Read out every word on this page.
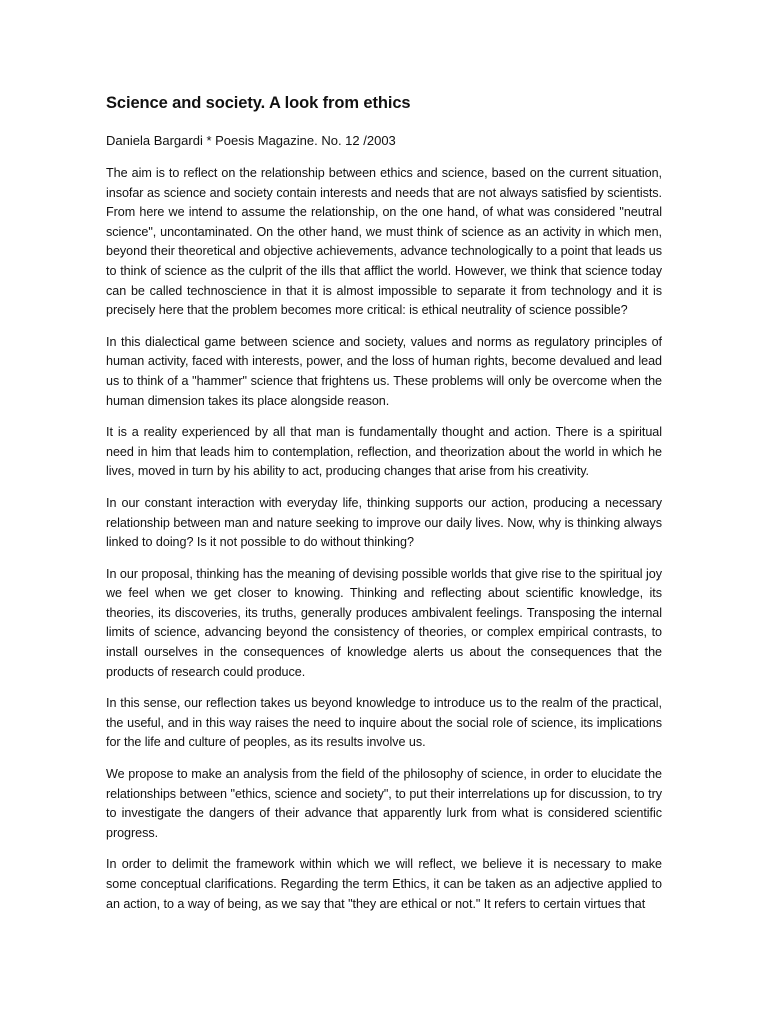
Science and society. A look from ethics
Daniela Bargardi * Poesis Magazine. No. 12 /2003

The aim is to reflect on the relationship between ethics and science, based on the current situation, insofar as science and society contain interests and needs that are not always satisfied by scientists. From here we intend to assume the relationship, on the one hand, of what was considered "neutral science", uncontaminated. On the other hand, we must think of science as an activity in which men, beyond their theoretical and objective achievements, advance technologically to a point that leads us to think of science as the culprit of the ills that afflict the world. However, we think that science today can be called technoscience in that it is almost impossible to separate it from technology and it is precisely here that the problem becomes more critical: is ethical neutrality of science possible?

In this dialectical game between science and society, values and norms as regulatory principles of human activity, faced with interests, power, and the loss of human rights, become devalued and lead us to think of a "hammer" science that frightens us. These problems will only be overcome when the human dimension takes its place alongside reason.

It is a reality experienced by all that man is fundamentally thought and action. There is a spiritual need in him that leads him to contemplation, reflection, and theorization about the world in which he lives, moved in turn by his ability to act, producing changes that arise from his creativity.

In our constant interaction with everyday life, thinking supports our action, producing a necessary relationship between man and nature seeking to improve our daily lives. Now, why is thinking always linked to doing? Is it not possible to do without thinking?

In our proposal, thinking has the meaning of devising possible worlds that give rise to the spiritual joy we feel when we get closer to knowing. Thinking and reflecting about scientific knowledge, its theories, its discoveries, its truths, generally produces ambivalent feelings. Transposing the internal limits of science, advancing beyond the consistency of theories, or complex empirical contrasts, to install ourselves in the consequences of knowledge alerts us about the consequences that the products of research could produce.

In this sense, our reflection takes us beyond knowledge to introduce us to the realm of the practical, the useful, and in this way raises the need to inquire about the social role of science, its implications for the life and culture of peoples, as its results involve us.

We propose to make an analysis from the field of the philosophy of science, in order to elucidate the relationships between "ethics, science and society", to put their interrelations up for discussion, to try to investigate the dangers of their advance that apparently lurk from what is considered scientific progress.

In order to delimit the framework within which we will reflect, we believe it is necessary to make some conceptual clarifications. Regarding the term Ethics, it can be taken as an adjective applied to an action, to a way of being, as we say that "they are ethical or not." It refers to certain virtues that
